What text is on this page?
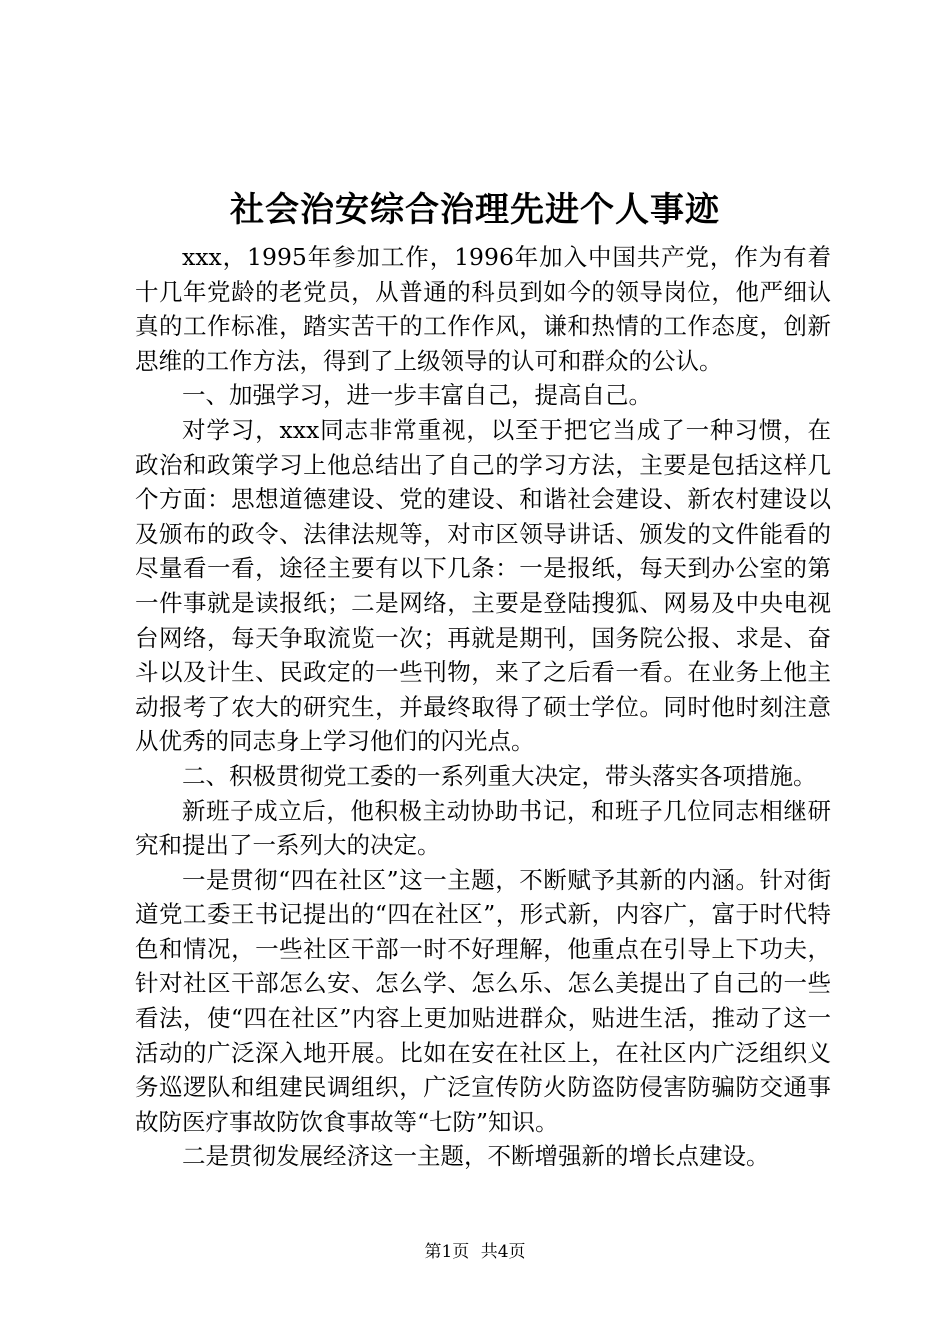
社会治安综合治理先进个人事迹

xxx，1995年参加工作，1996年加入中国共产党，作为有着十几年党龄的老党员，从普通的科员到如今的领导岗位，他严细认真的工作标准，踏实苦干的工作作风，谦和热情的工作态度，创新思维的工作方法，得到了上级领导的认可和群众的公认。

一、加强学习，进一步丰富自己，提高自己。

对学习，xxx同志非常重视，以至于把它当成了一种习惯，在政治和政策学习上他总结出了自己的学习方法，主要是包括这样几个方面：思想道德建设、党的建设、和谐社会建设、新农村建设以及颁布的政令、法律法规等，对市区领导讲话、颁发的文件能看的尽量看一看，途径主要有以下几条：一是报纸，每天到办公室的第一件事就是读报纸；二是网络，主要是登陆搜狐、网易及中央电视台网络，每天争取流览一次；再就是期刊，国务院公报、求是、奋斗以及计生、民政定的一些刊物，来了之后看一看。在业务上他主动报考了农大的研究生，并最终取得了硕士学位。同时他时刻注意从优秀的同志身上学习他们的闪光点。

二、积极贯彻党工委的一系列重大决定，带头落实各项措施。

新班子成立后，他积极主动协助书记，和班子几位同志相继研究和提出了一系列大的决定。

一是贯彻“四在社区”这一主题，不断赋予其新的内涵。针对街道党工委王书记提出的“四在社区”，形式新，内容广，富于时代特色和情况，一些社区干部一时不好理解，他重点在引导上下功夫，针对社区干部怎么安、怎么学、怎么乐、怎么美提出了自己的一些看法，使“四在社区”内容上更加贴进群众，贴进生活，推动了这一活动的广泛深入地开展。比如在安在社区上，在社区内广泛组织义务巡逻队和组建民调组织，广泛宣传防火防盗防侵害防骗防交通事故防医疗事故防饮食事故等“七防”知识。

二是贯彻发展经济这一主题，不断增强新的增长点建设。

第1页 共4页
